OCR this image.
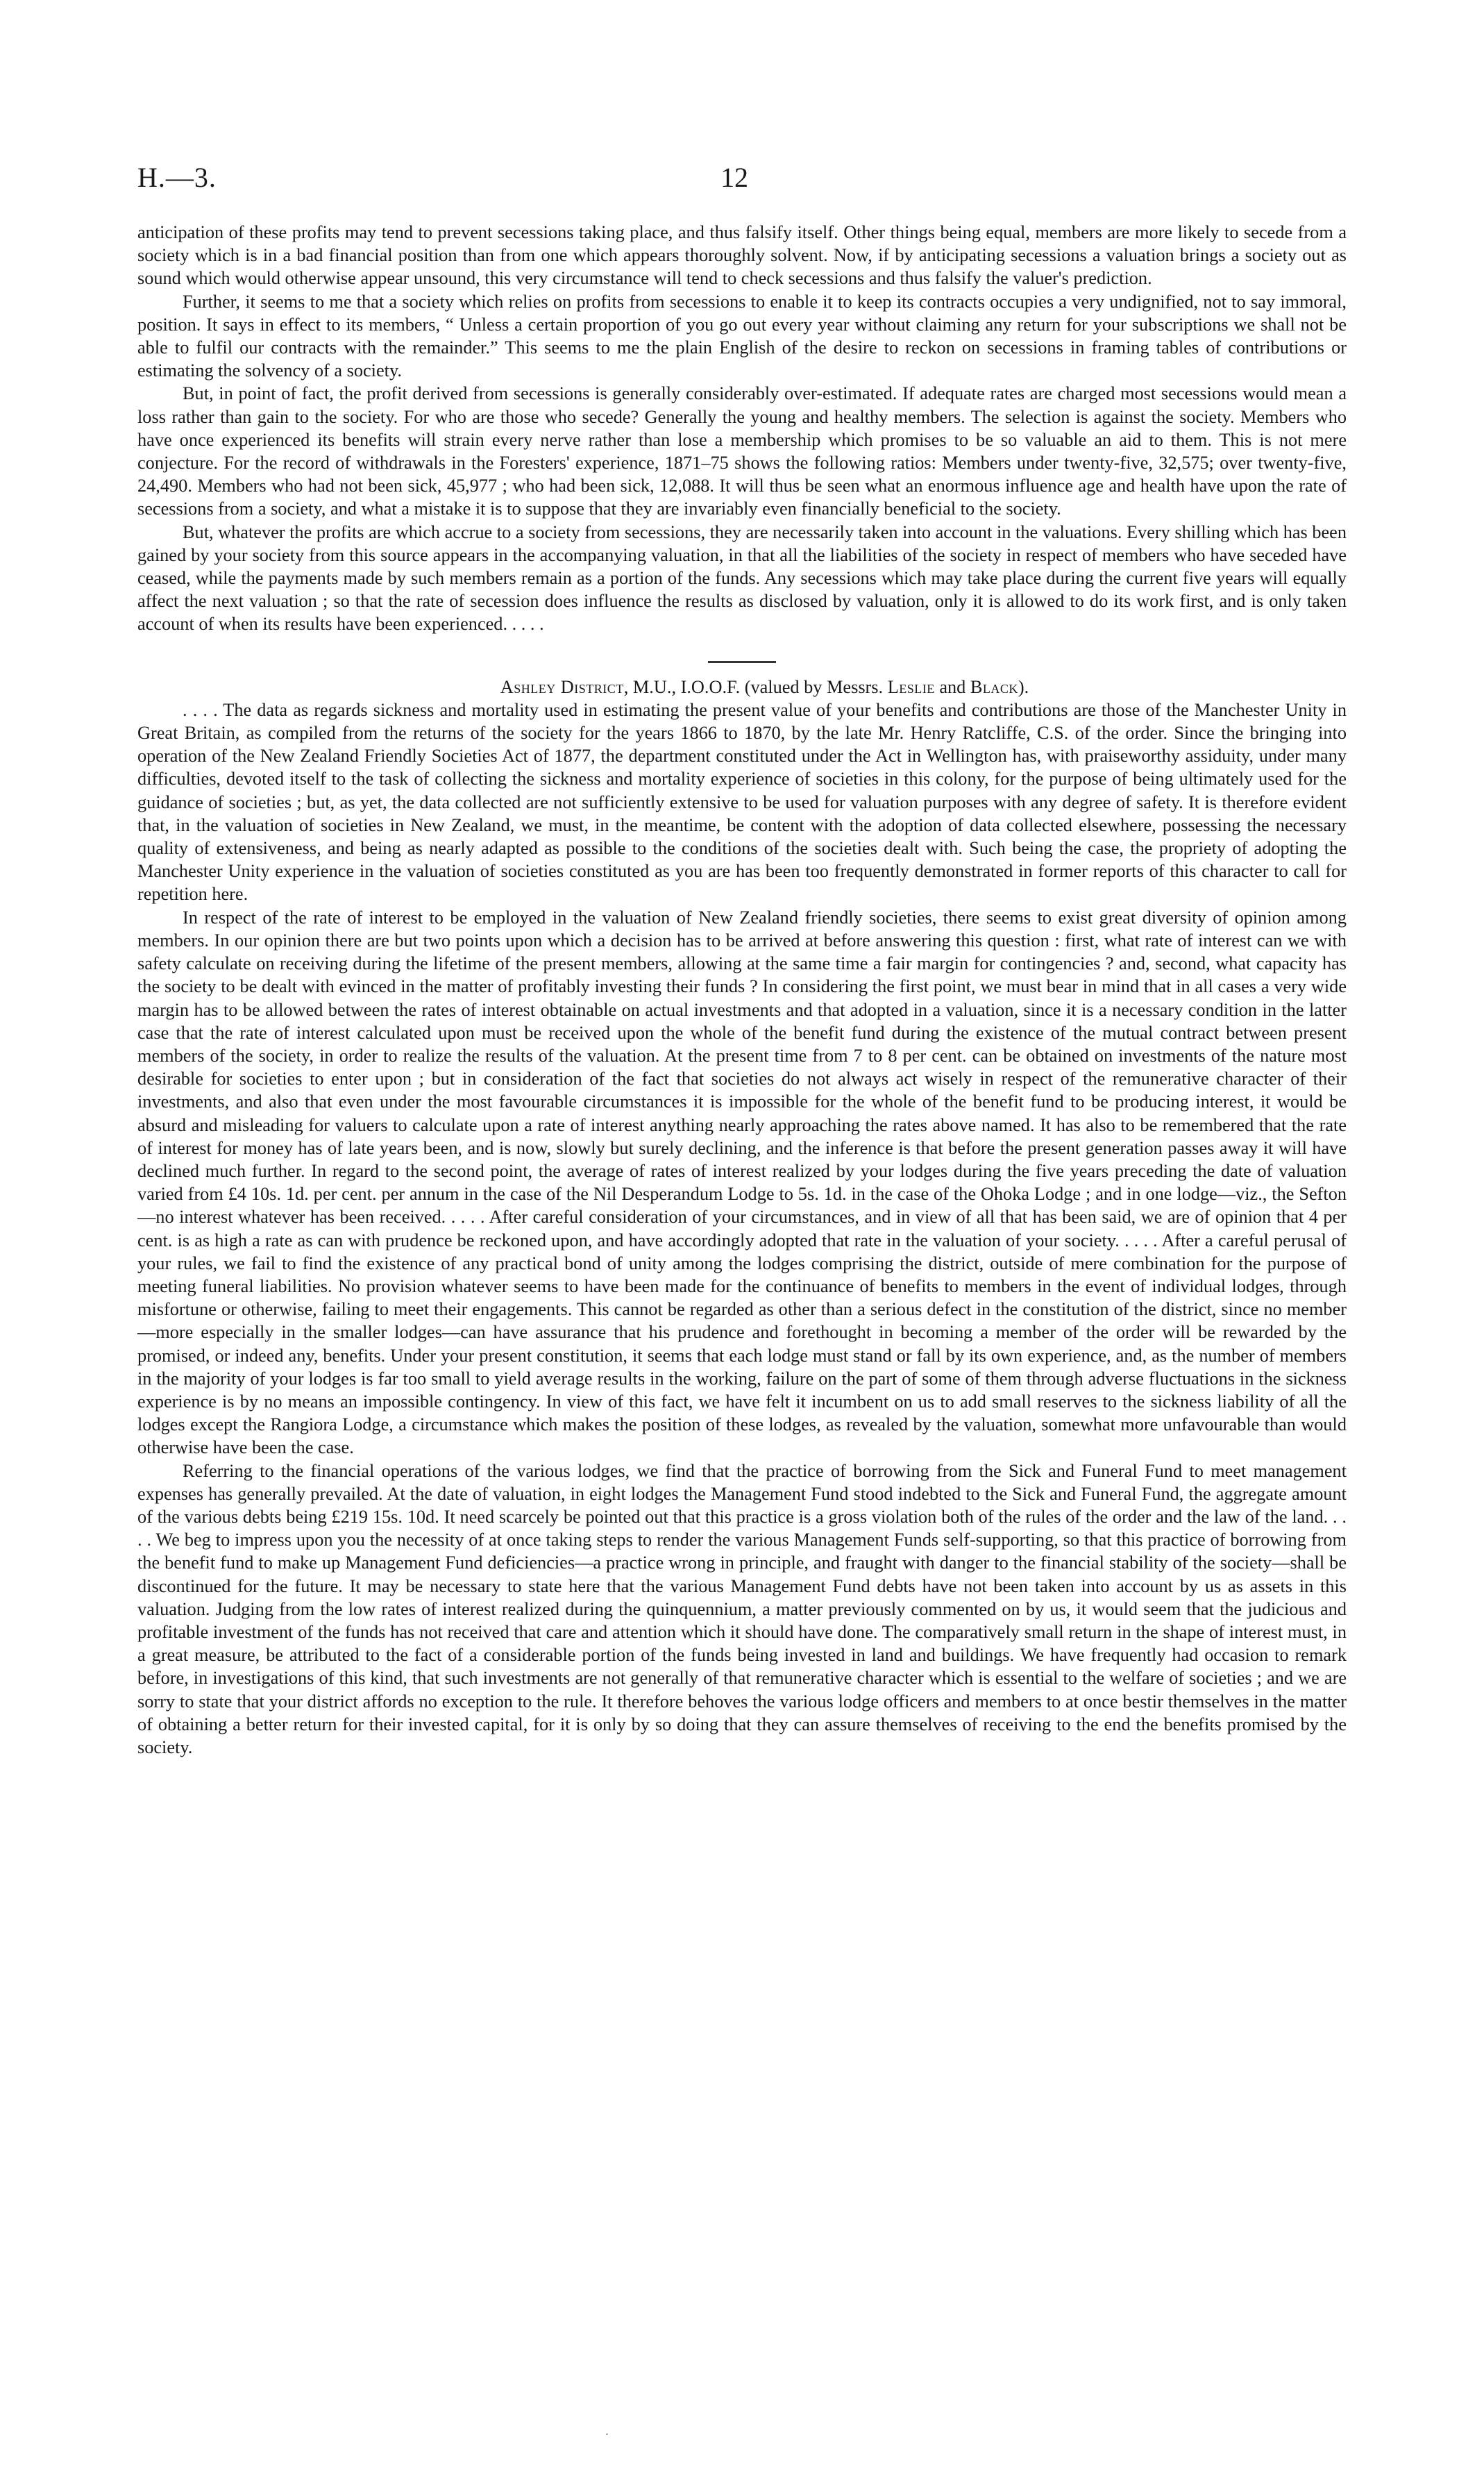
H.—3.	12

anticipation of these profits may tend to prevent secessions taking place, and thus falsify itself. Other things being equal, members are more likely to secede from a society which is in a bad financial position than from one which appears thoroughly solvent. Now, if by anticipating secessions a valuation brings a society out as sound which would otherwise appear unsound, this very circumstance will tend to check secessions and thus falsify the valuer's prediction.

Further, it seems to me that a society which relies on profits from secessions to enable it to keep its contracts occupies a very undignified, not to say immoral, position. It says in effect to its members, “ Unless a certain proportion of you go out every year without claiming any return for your subscriptions we shall not be able to fulfil our contracts with the remainder.” This seems to me the plain English of the desire to reckon on secessions in framing tables of contributions or estimating the solvency of a society.

But, in point of fact, the profit derived from secessions is generally considerably over-estimated. If adequate rates are charged most secessions would mean a loss rather than gain to the society. For who are those who secede? Generally the young and healthy members. The selection is against the society. Members who have once experienced its benefits will strain every nerve rather than lose a membership which promises to be so valuable an aid to them. This is not mere conjecture. For the record of withdrawals in the Foresters' experience, 1871–75 shows the following ratios: Members under twenty-five, 32,575; over twenty-five, 24,490. Members who had not been sick, 45,977 ; who had been sick, 12,088. It will thus be seen what an enormous influence age and health have upon the rate of secessions from a society, and what a mistake it is to suppose that they are invariably even financially beneficial to the society.

But, whatever the profits are which accrue to a society from secessions, they are necessarily taken into account in the valuations. Every shilling which has been gained by your society from this source appears in the accompanying valuation, in that all the liabilities of the society in respect of members who have seceded have ceased, while the payments made by such members remain as a portion of the funds. Any secessions which may take place during the current five years will equally affect the next valuation ; so that the rate of secession does influence the results as disclosed by valuation, only it is allowed to do its work first, and is only taken account of when its results have been experienced. . . . .

Ashley District, M.U., I.O.O.F. (valued by Messrs. Leslie and Black).

. . . . The data as regards sickness and mortality used in estimating the present value of your benefits and contributions are those of the Manchester Unity in Great Britain, as compiled from the returns of the society for the years 1866 to 1870, by the late Mr. Henry Ratcliffe, C.S. of the order. Since the bringing into operation of the New Zealand Friendly Societies Act of 1877, the department constituted under the Act in Wellington has, with praiseworthy assiduity, under many difficulties, devoted itself to the task of collecting the sickness and mortality experience of societies in this colony, for the purpose of being ultimately used for the guidance of societies ; but, as yet, the data collected are not sufficiently extensive to be used for valuation purposes with any degree of safety. It is therefore evident that, in the valuation of societies in New Zealand, we must, in the meantime, be content with the adoption of data collected elsewhere, possessing the necessary quality of extensiveness, and being as nearly adapted as possible to the conditions of the societies dealt with. Such being the case, the propriety of adopting the Manchester Unity experience in the valuation of societies constituted as you are has been too frequently demonstrated in former reports of this character to call for repetition here.

In respect of the rate of interest to be employed in the valuation of New Zealand friendly societies, there seems to exist great diversity of opinion among members. In our opinion there are but two points upon which a decision has to be arrived at before answering this question : first, what rate of interest can we with safety calculate on receiving during the lifetime of the present members, allowing at the same time a fair margin for contingencies ? and, second, what capacity has the society to be dealt with evinced in the matter of profitably investing their funds ? In considering the first point, we must bear in mind that in all cases a very wide margin has to be allowed between the rates of interest obtainable on actual investments and that adopted in a valuation, since it is a necessary condition in the latter case that the rate of interest calculated upon must be received upon the whole of the benefit fund during the existence of the mutual contract between present members of the society, in order to realize the results of the valuation. At the present time from 7 to 8 per cent. can be obtained on investments of the nature most desirable for societies to enter upon ; but in consideration of the fact that societies do not always act wisely in respect of the remunerative character of their investments, and also that even under the most favourable circumstances it is impossible for the whole of the benefit fund to be producing interest, it would be absurd and misleading for valuers to calculate upon a rate of interest anything nearly approaching the rates above named. It has also to be remembered that the rate of interest for money has of late years been, and is now, slowly but surely declining, and the inference is that before the present generation passes away it will have declined much further. In regard to the second point, the average of rates of interest realized by your lodges during the five years preceding the date of valuation varied from £4 10s. 1d. per cent. per annum in the case of the Nil Desperandum Lodge to 5s. 1d. in the case of the Ohoka Lodge ; and in one lodge—viz., the Sefton—no interest whatever has been received. . . . . After careful consideration of your circumstances, and in view of all that has been said, we are of opinion that 4 per cent. is as high a rate as can with prudence be reckoned upon, and have accordingly adopted that rate in the valuation of your society. . . . . After a careful perusal of your rules, we fail to find the existence of any practical bond of unity among the lodges comprising the district, outside of mere combination for the purpose of meeting funeral liabilities. No provision whatever seems to have been made for the continuance of benefits to members in the event of individual lodges, through misfortune or otherwise, failing to meet their engagements. This cannot be regarded as other than a serious defect in the constitution of the district, since no member—more especially in the smaller lodges—can have assurance that his prudence and forethought in becoming a member of the order will be rewarded by the promised, or indeed any, benefits. Under your present constitution, it seems that each lodge must stand or fall by its own experience, and, as the number of members in the majority of your lodges is far too small to yield average results in the working, failure on the part of some of them through adverse fluctuations in the sickness experience is by no means an impossible contingency. In view of this fact, we have felt it incumbent on us to add small reserves to the sickness liability of all the lodges except the Rangiora Lodge, a circumstance which makes the position of these lodges, as revealed by the valuation, somewhat more unfavourable than would otherwise have been the case.

Referring to the financial operations of the various lodges, we find that the practice of borrowing from the Sick and Funeral Fund to meet management expenses has generally prevailed. At the date of valuation, in eight lodges the Management Fund stood indebted to the Sick and Funeral Fund, the aggregate amount of the various debts being £219 15s. 10d. It need scarcely be pointed out that this practice is a gross violation both of the rules of the order and the law of the land. . . . . We beg to impress upon you the necessity of at once taking steps to render the various Management Funds self-supporting, so that this practice of borrowing from the benefit fund to make up Management Fund deficiencies—a practice wrong in principle, and fraught with danger to the financial stability of the society—shall be discontinued for the future. It may be necessary to state here that the various Management Fund debts have not been taken into account by us as assets in this valuation. Judging from the low rates of interest realized during the quinquennium, a matter previously commented on by us, it would seem that the judicious and profitable investment of the funds has not received that care and attention which it should have done. The comparatively small return in the shape of interest must, in a great measure, be attributed to the fact of a considerable portion of the funds being invested in land and buildings. We have frequently had occasion to remark before, in investigations of this kind, that such investments are not generally of that remunerative character which is essential to the welfare of societies ; and we are sorry to state that your district affords no exception to the rule. It therefore behoves the various lodge officers and members to at once bestir themselves in the matter of obtaining a better return for their invested capital, for it is only by so doing that they can assure themselves of receiving to the end the benefits promised by the society.

.
